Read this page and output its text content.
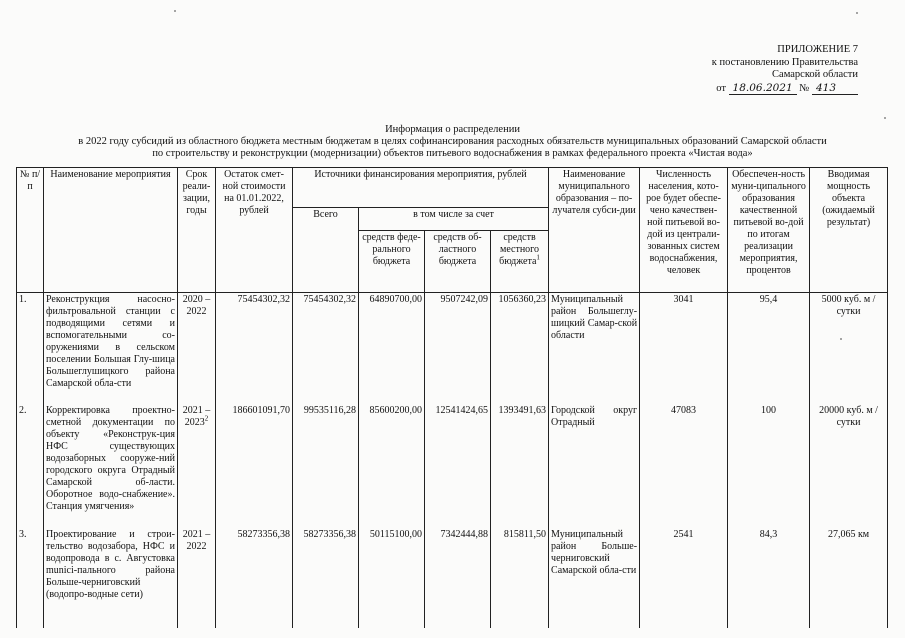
ПРИЛОЖЕНИЕ 7
к постановлению Правительства
Самарской области
от 18.06.2021 № 413
Информация о распределении
в 2022 году субсидий из областного бюджета местным бюджетам в целях софинансирования расходных обязательств муниципальных образований Самарской области
по строительству и реконструкции (модернизации) объектов питьевого водоснабжения в рамках федерального проекта «Чистая вода»
№ п/п	Наименование мероприятия	Срок реали-зации, годы	Остаток смет-ной стоимости на 01.01.2022, рублей	Источники финансирования мероприятия, рублей				Наименование муниципального образования – по-лучателя субси-дии	Численность населения, кото-рое будет обеспе-чено качествен-ной питьевой во-дой из централи-зованных систем водоснабжения, человек	Обеспечен-ность муни-ципального образования качественной питьевой во-дой по итогам реализации мероприятия, процентов	Вводимая мощность объекта (ожидаемый результат)
				Всего	в том числе за счет						
					средств феде-рального бюджета	средств об-ластного бюджета	средств местного бюджета$^1$
1.	Реконструкция насосно-фильтровальной станции с подводящими сетями и вспомогательными со-оружениями в сельском поселении Большая Глу-шица Большеглушицкого района Самарской обла-сти	2020 – 2022	75454302,32	75454302,32	64890700,00	9507242,09	1056360,23	Муниципальный район Большеглу-шицкий Самар-ской области	3041	95,4	5000 куб. м / сутки
2.	Корректировка проектно-сметной документации по объекту «Реконструк-ция НФС существующих водозаборных сооруже-ний городского округа Отрадный Самарской об-ласти. Оборотное водо-снабжение». Станция умягчения»	2021 – 2023$^2$	186601091,70	99535116,28	85600200,00	12541424,65	1393491,63	Городской округ Отрадный	47083	100	20000 куб. м / сутки
3.	Проектирование и строи-тельство водозабора, НФС и водопровода в с. Августовка munici-пального района Больше-черниговский (водопро-водные сети)	2021 – 2022	58273356,38	58273356,38	50115100,00	7342444,88	815811,50	Муниципальный район Больше-черниговский Самарской обла-сти	2541	84,3	27,065 км
